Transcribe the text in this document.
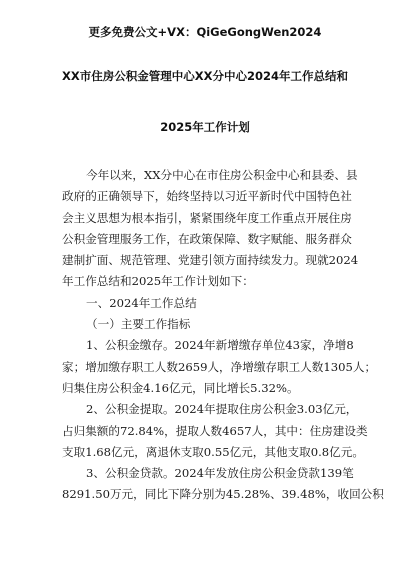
更多免费公文+VX：QiGeGongWen2024
XX市住房公积金管理中心XX分中心2024年工作总结和
2025年工作计划
今年以来，XX分中心在市住房公积金中心和县委、县
政府的正确领导下，始终坚持以习近平新时代中国特色社
会主义思想为根本指引，紧紧围绕年度工作重点开展住房
公积金管理服务工作，在政策保障、数字赋能、服务群众
建制扩面、规范管理、党建引领方面持续发力。现就2024
年工作总结和2025年工作计划如下：
一、2024年工作总结
（一）主要工作指标
1、公积金缴存。2024年新增缴存单位43家，净增8
家；增加缴存职工人数2659人，净增缴存职工人数1305人；
归集住房公积金4.16亿元，同比增长5.32%。
2、公积金提取。2024年提取住房公积金3.03亿元，
占归集额的72.84%，提取人数4657人，其中：住房建设类
支取1.68亿元，离退休支取0.55亿元，其他支取0.8亿元。
3、公积金贷款。2024年发放住房公积金贷款139笔
8291.50万元，同比下降分别为45.28%、39.48%，收回公积
